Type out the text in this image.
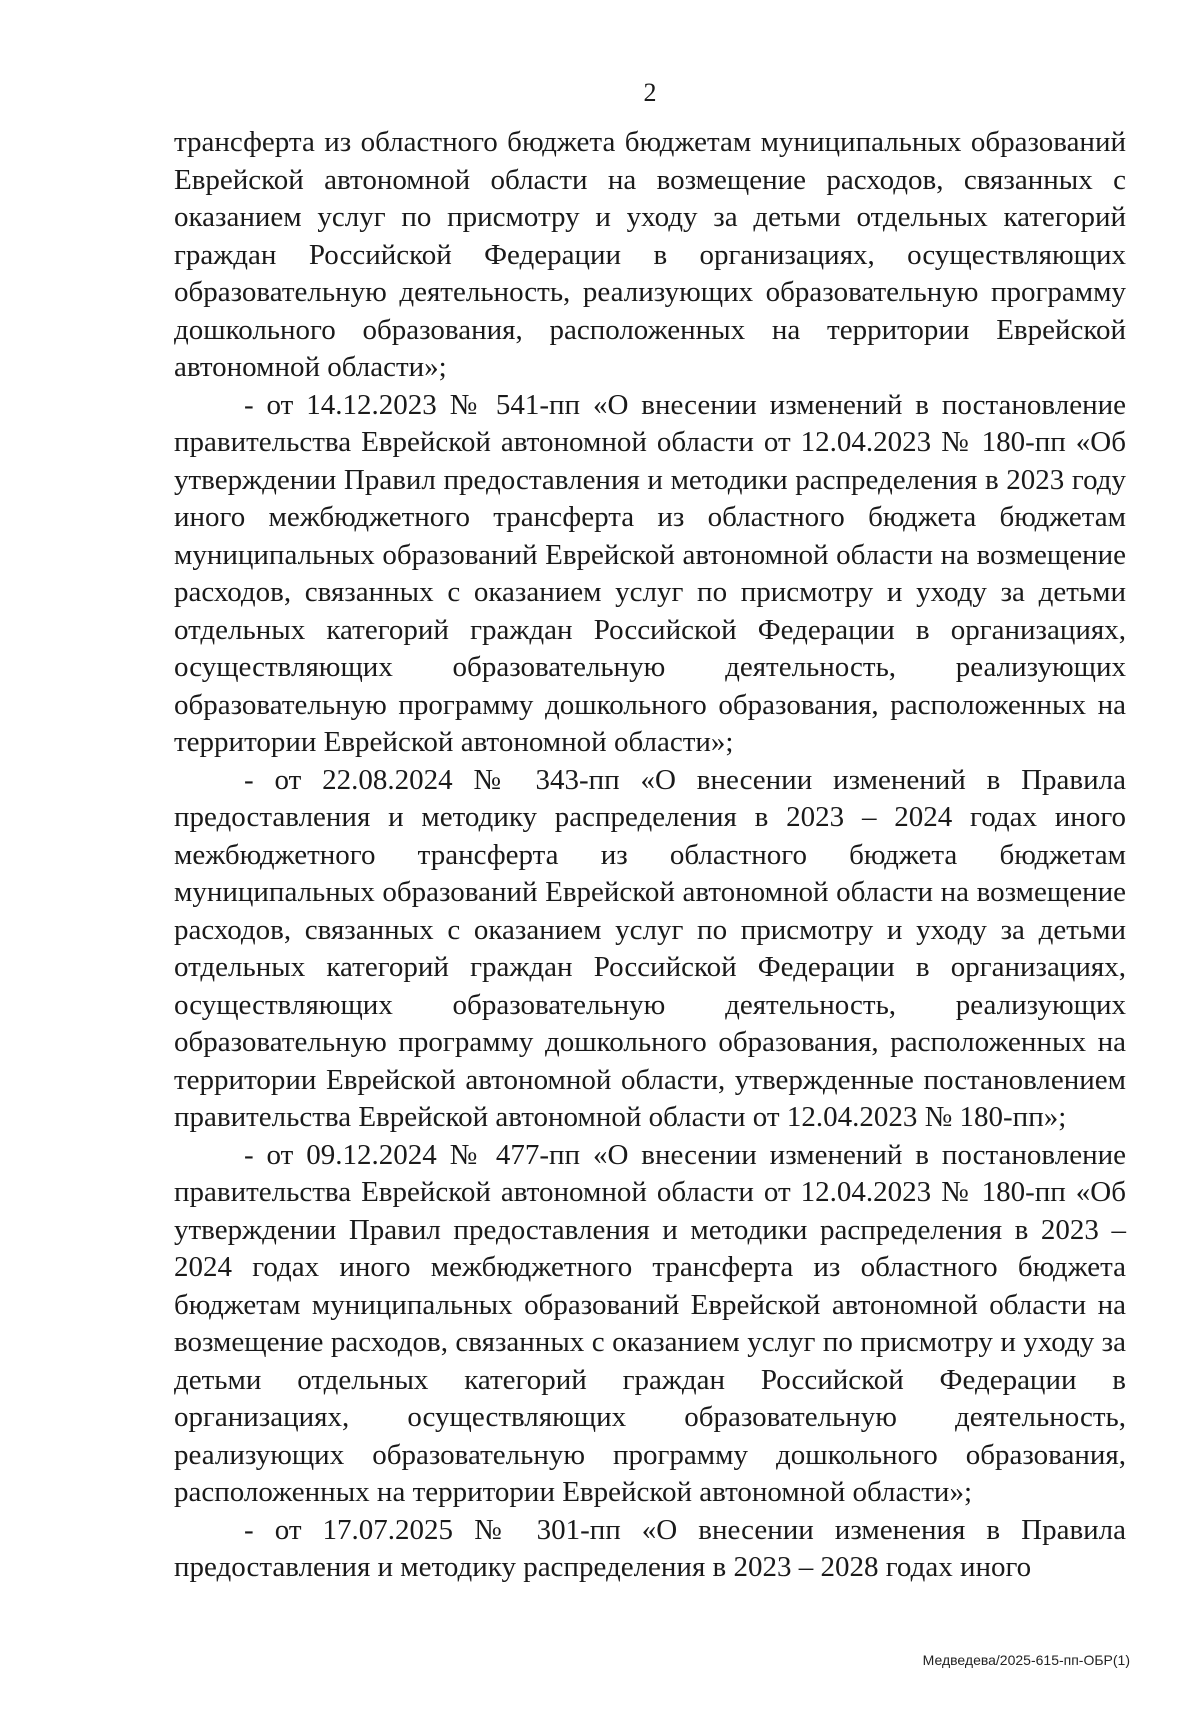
2

трансферта из областного бюджета бюджетам муниципальных образований Еврейской автономной области на возмещение расходов, связанных с оказанием услуг по присмотру и уходу за детьми отдельных категорий граждан Российской Федерации в организациях, осуществляющих образовательную деятельность, реализующих образовательную программу дошкольного образования, расположенных на территории Еврейской автономной области»;

- от 14.12.2023 № 541-пп «О внесении изменений в постановление правительства Еврейской автономной области от 12.04.2023 № 180-пп «Об утверждении Правил предоставления и методики распределения в 2023 году иного межбюджетного трансферта из областного бюджета бюджетам муниципальных образований Еврейской автономной области на возмещение расходов, связанных с оказанием услуг по присмотру и уходу за детьми отдельных категорий граждан Российской Федерации в организациях, осуществляющих образовательную деятельность, реализующих образовательную программу дошкольного образования, расположенных на территории Еврейской автономной области»;

- от 22.08.2024 № 343-пп «О внесении изменений в Правила предоставления и методику распределения в 2023 – 2024 годах иного межбюджетного трансферта из областного бюджета бюджетам муниципальных образований Еврейской автономной области на возмещение расходов, связанных с оказанием услуг по присмотру и уходу за детьми отдельных категорий граждан Российской Федерации в организациях, осуществляющих образовательную деятельность, реализующих образовательную программу дошкольного образования, расположенных на территории Еврейской автономной области, утвержденные постановлением правительства Еврейской автономной области от 12.04.2023 № 180-пп»;

- от 09.12.2024 № 477-пп «О внесении изменений в постановление правительства Еврейской автономной области от 12.04.2023 № 180-пп «Об утверждении Правил предоставления и методики распределения в 2023 – 2024 годах иного межбюджетного трансферта из областного бюджета бюджетам муниципальных образований Еврейской автономной области на возмещение расходов, связанных с оказанием услуг по присмотру и уходу за детьми отдельных категорий граждан Российской Федерации в организациях, осуществляющих образовательную деятельность, реализующих образовательную программу дошкольного образования, расположенных на территории Еврейской автономной области»;

- от 17.07.2025 № 301-пп «О внесении изменения в Правила предоставления и методику распределения в 2023 – 2028 годах иного

Медведева/2025-615-пп-ОБР(1)
